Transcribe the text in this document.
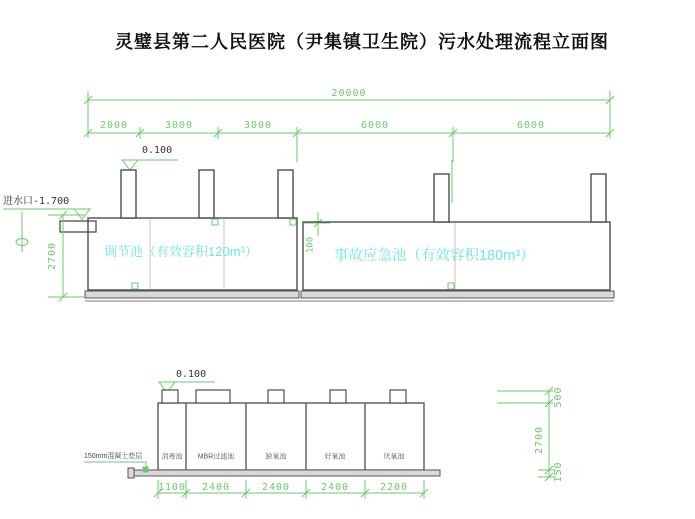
灵璧县第二人民医院（尹集镇卫生院）污水处理流程立面图
20000
2000	3000	3000	6000	6000
0.100
进水口-1.700
2700	100
调节池（有效容积120m³）	事故应急池（有效容积180m³）
0.100
消毒池 MBR过滤池	缺氧池	好氧池	厌氧池
150mm混凝土垫层
1100 2400	2400	2400	2200
500
2700
150
